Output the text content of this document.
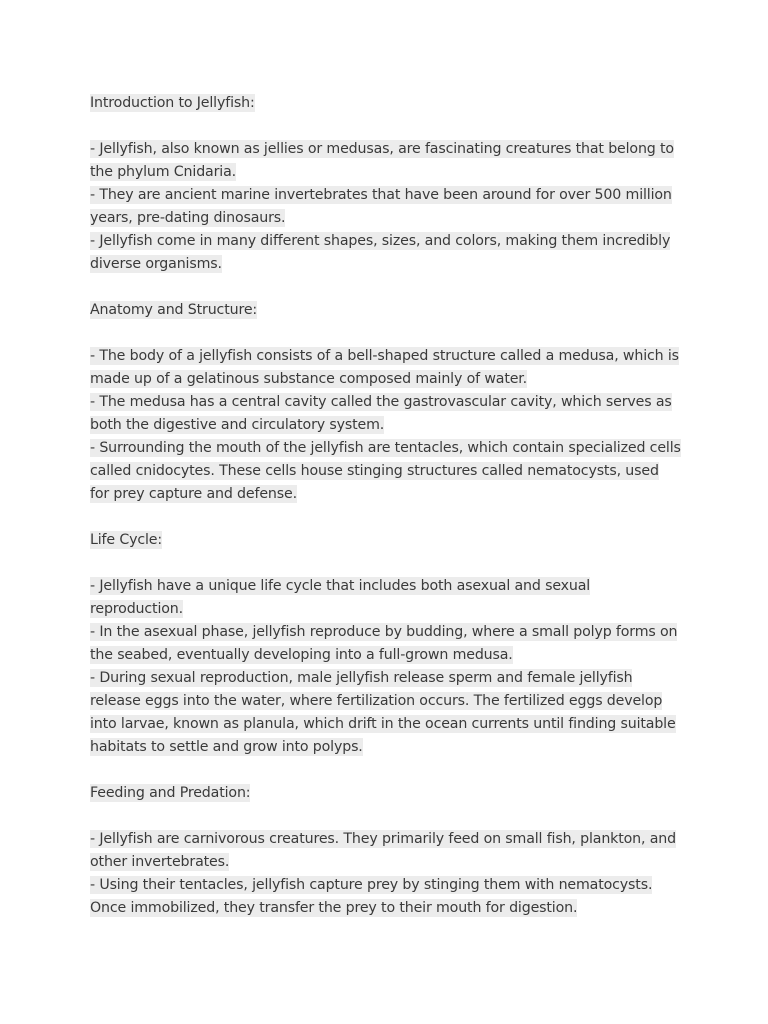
Introduction to Jellyfish:
- Jellyfish, also known as jellies or medusas, are fascinating creatures that belong to the phylum Cnidaria.
- They are ancient marine invertebrates that have been around for over 500 million years, pre-dating dinosaurs.
- Jellyfish come in many different shapes, sizes, and colors, making them incredibly diverse organisms.
Anatomy and Structure:
- The body of a jellyfish consists of a bell-shaped structure called a medusa, which is made up of a gelatinous substance composed mainly of water.
- The medusa has a central cavity called the gastrovascular cavity, which serves as both the digestive and circulatory system.
- Surrounding the mouth of the jellyfish are tentacles, which contain specialized cells called cnidocytes. These cells house stinging structures called nematocysts, used for prey capture and defense.
Life Cycle:
- Jellyfish have a unique life cycle that includes both asexual and sexual reproduction.
- In the asexual phase, jellyfish reproduce by budding, where a small polyp forms on the seabed, eventually developing into a full-grown medusa.
- During sexual reproduction, male jellyfish release sperm and female jellyfish release eggs into the water, where fertilization occurs. The fertilized eggs develop into larvae, known as planula, which drift in the ocean currents until finding suitable habitats to settle and grow into polyps.
Feeding and Predation:
- Jellyfish are carnivorous creatures. They primarily feed on small fish, plankton, and other invertebrates.
- Using their tentacles, jellyfish capture prey by stinging them with nematocysts. Once immobilized, they transfer the prey to their mouth for digestion.
